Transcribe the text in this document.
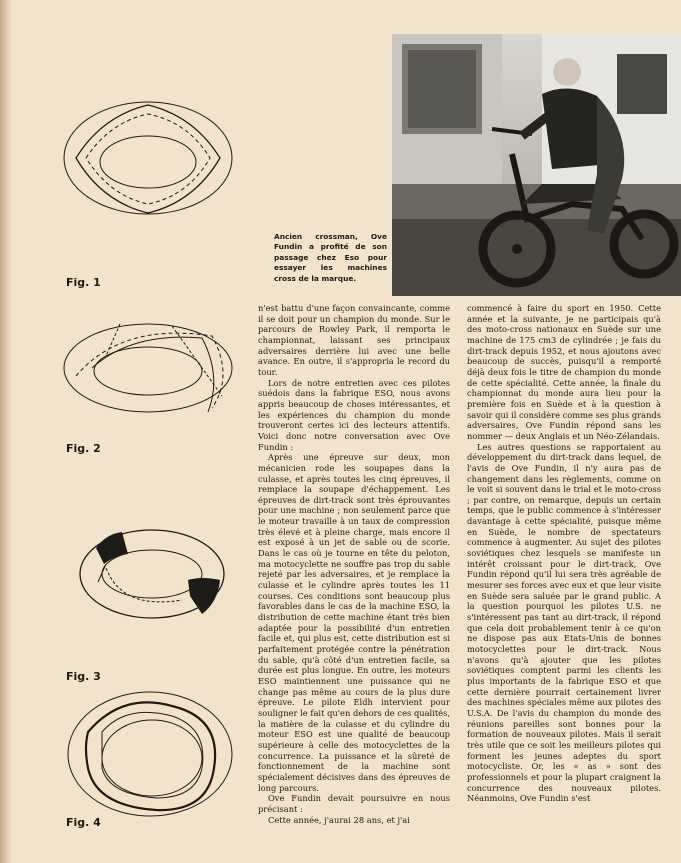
Fig. 1
Fig. 2
Fig. 3
Fig. 4
Ancien crossman, Ove Fundin a profité de son passage chez Eso pour essayer les machines cross de la marque.

n'est battu d'une façon convaincante, comme il se doit pour un champion du monde. Sur le parcours de Rowley Park, il remporta le championnat, laissant ses principaux adversaires derrière lui avec une belle avance. En outre, il s'appropria le record du tour.

Lors de notre entretien avec ces pilotes suédois dans la fabrique ESO, nous avons appris beaucoup de choses intéressantes, et les expériences du champion du monde trouveront certes ici des lecteurs attentifs. Voici donc notre conversation avec Ove Fundin :

Après une épreuve sur deux, mon mécanicien rode les soupapes dans la culasse, et après toutes les cinq épreuves, il remplace la soupape d'échappement. Les épreuves de dirt-track sont très éprouvantes pour une machine ; non seulement parce que le moteur travaille à un taux de compression très élevé et à pleine charge, mais encore il est exposé à un jet de sable ou de scorie. Dans le cas où je tourne en tête du peloton, ma motocyclette ne souffre pas trop du sable rejeté par les adversaires, et je remplace la culasse et le cylindre après toutes les 11 courses. Ces conditions sont beaucoup plus favorables dans le cas de la machine ESO, la distribution de cette machine étant très bien adaptée pour la possibilité d'un entretien facile et, qui plus est, cette distribution est si parfaitement protégée contre la pénétration du sable, qu'à côté d'un entretien facile, sa durée est plus longue. En outre, les moteurs ESO maintiennent une puissance qui ne change pas même au cours de la plus dure épreuve. Le pilote Eldh intervient pour souligner le fait qu'en dehors de ces qualités, la matière de la culasse et du cylindre du moteur ESO est une qualité de beaucoup supérieure à celle des motocyclettes de la concurrence. La puissance et la sûreté de fonctionnement de la machine sont spécialement décisives dans des épreuves de long parcours.

Ove Fundin devait poursuivre en nous précisant :

Cette année, j'aurai 28 ans, et j'ai

commencé à faire du sport en 1950. Cette année et la suivante, je ne participais qu'à des moto-cross nationaux en Suède sur une machine de 175 cm3 de cylindrée ; je fais du dirt-track depuis 1952, et nous ajoutons avec beaucoup de succès, puisqu'il a remporté déjà deux fois le titre de champion du monde de cette spécialité. Cette année, la finale du championnat du monde aura lieu pour la première fois en Suède et à la question à savoir qui il considère comme ses plus grands adversaires, Ove Fundin répond sans les nommer — deux Anglais et un Néo-Zélandais.

Les autres questions se rapportaient au développement du dirt-track dans lequel, de l'avis de Ove Fundin, il n'y aura pas de changement dans les règlements, comme on le voit si souvent dans le trial et le moto-cross ; par contre, on remarque, depuis un certain temps, que le public commence à s'intéresser davantage à cette spécialité, puisque même en Suède, le nombre de spectateurs commence à augmenter. Au sujet des pilotes soviétiques chez lesquels se manifeste un intérêt croissant pour le dirt-track, Ove Fundin répond qu'il lui sera très agréable de mesurer ses forces avec eux et que leur visite en Suède sera saluée par le grand public. A la question pourquoi les pilotes U.S. ne s'intéressent pas tant au dirt-track, il répond que cela doit probablement tenir à ce qu'on ne dispose pas aux Etats-Unis de bonnes motocyclettes pour le dirt-track. Nous n'avons qu'à ajouter que les pilotes soviétiques comptent parmi les clients les plus importants de la fabrique ESO et que cette dernière pourrait certainement livrer des machines spéciales même aux pilotes des U.S.A. De l'avis du champion du monde des réunions pareilles sont bonnes pour la formation de nouveaux pilotes. Mais il serait très utile que ce soit les meilleurs pilotes qui forment les jeunes adeptes du sport motocycliste. Or, les « as » sont des professionnels et pour la plupart craignent la concurrence des nouveaux pilotes. Néanmoins, Ove Fundin s'est
